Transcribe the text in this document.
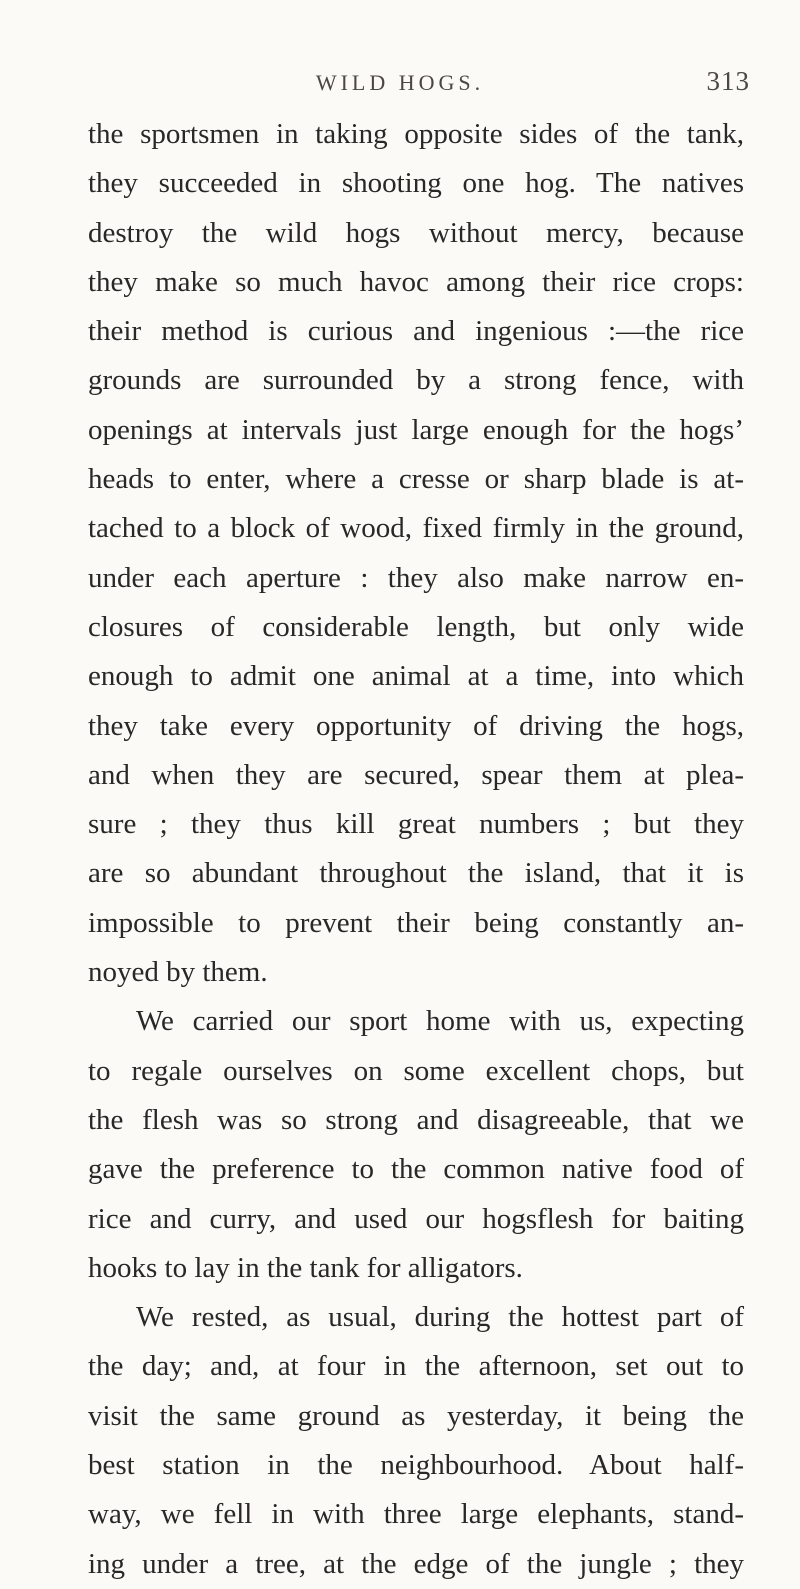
WILD HOGS.	313
the sportsmen in taking opposite sides of the tank,
they succeeded in shooting one hog. The natives
destroy the wild hogs without mercy, because
they make so much havoc among their rice crops:
their method is curious and ingenious :—the rice
grounds are surrounded by a strong fence, with
openings at intervals just large enough for the hogs’
heads to enter, where a cresse or sharp blade is at-
tached to a block of wood, fixed firmly in the ground,
under each aperture : they also make narrow en-
closures of considerable length, but only wide
enough to admit one animal at a time, into which
they take every opportunity of driving the hogs,
and when they are secured, spear them at plea-
sure ; they thus kill great numbers ; but they
are so abundant throughout the island, that it is
impossible to prevent their being constantly an-
noyed by them.
We carried our sport home with us, expecting
to regale ourselves on some excellent chops, but
the flesh was so strong and disagreeable, that we
gave the preference to the common native food of
rice and curry, and used our hogsflesh for baiting
hooks to lay in the tank for alligators.
We rested, as usual, during the hottest part of
the day; and, at four in the afternoon, set out to
visit the same ground as yesterday, it being the
best station in the neighbourhood. About half-
way, we fell in with three large elephants, stand-
ing under a tree, at the edge of the jungle ; they
